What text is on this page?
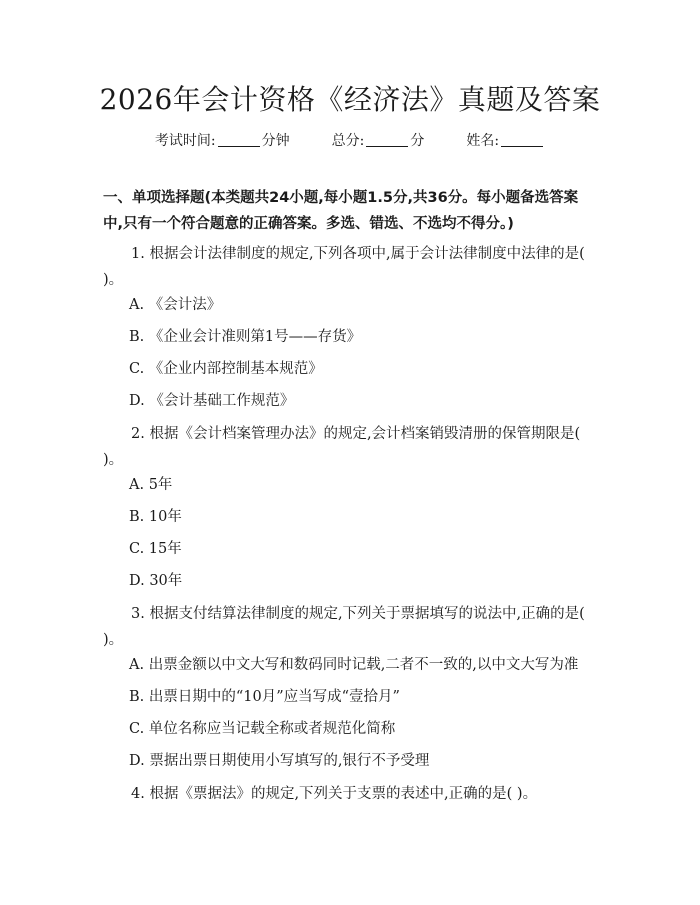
2026年会计资格《经济法》真题及答案
考试时间:	分钟	总分:	分	姓名:
一、单项选择题(本类题共24小题,每小题1.5分,共36分。每小题备选答案中,只有一个符合题意的正确答案。多选、错选、不选均不得分。)
1. 根据会计法律制度的规定,下列各项中,属于会计法律制度中法律的是( )。
A. 《会计法》
B. 《企业会计准则第1号——存货》
C. 《企业内部控制基本规范》
D. 《会计基础工作规范》
2. 根据《会计档案管理办法》的规定,会计档案销毁清册的保管期限是( )。
A. 5年
B. 10年
C. 15年
D. 30年
3. 根据支付结算法律制度的规定,下列关于票据填写的说法中,正确的是( )。
A. 出票金额以中文大写和数码同时记载,二者不一致的,以中文大写为准
B. 出票日期中的“10月”应当写成“壹拾月”
C. 单位名称应当记载全称或者规范化简称
D. 票据出票日期使用小写填写的,银行不予受理
4. 根据《票据法》的规定,下列关于支票的表述中,正确的是( )。
